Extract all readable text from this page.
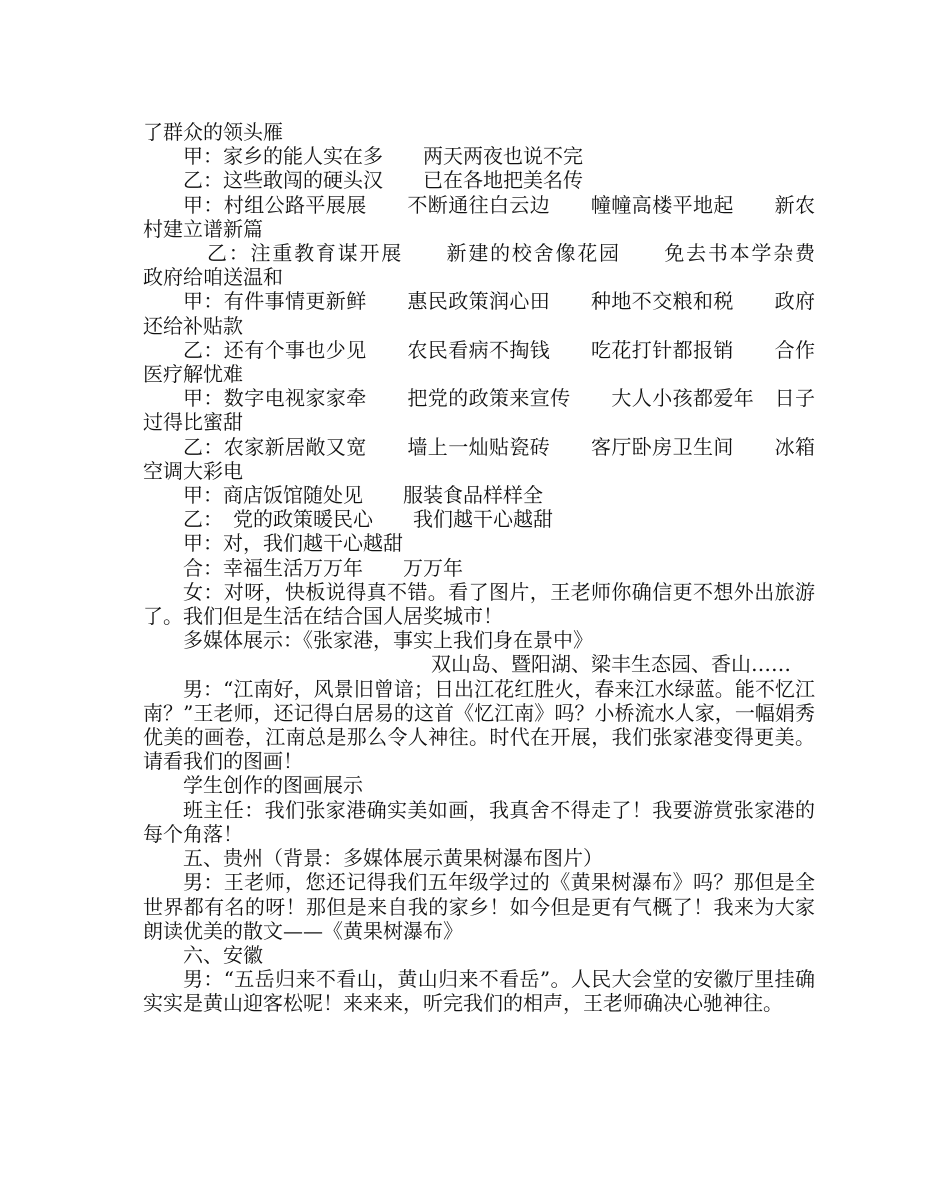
了群众的领头雁

甲：家乡的能人实在多　　两天两夜也说不完

乙：这些敢闯的硬头汉　　已在各地把美名传

甲：村组公路平展展　　不断通往白云边　　幢幢高楼平地起　　新农村建立谱新篇

乙：注重教育谋开展　　新建的校舍像花园　　免去书本学杂费　　政府给咱送温和

甲：有件事情更新鲜　　惠民政策润心田　　种地不交粮和税　　政府还给补贴款

乙：还有个事也少见　　农民看病不掏钱　　吃花打针都报销　　合作医疗解忧难

甲：数字电视家家牵　　把党的政策来宣传　　大人小孩都爱年　日子过得比蜜甜

乙：农家新居敞又宽　　墙上一灿贴瓷砖　　客厅卧房卫生间　　冰箱空调大彩电

甲：商店饭馆随处见　　服装食品样样全

乙：　党的政策暖民心　　我们越干心越甜

甲：对，我们越干心越甜

合：幸福生活万万年　　万万年

女：对呀，快板说得真不错。看了图片，王老师你确信更不想外出旅游了。我们但是生活在结合国人居奖城市！

多媒体展示：《张家港，事实上我们身在景中》

双山岛、暨阳湖、梁丰生态园、香山……

男：“江南好，风景旧曾谙；日出江花红胜火，春来江水绿蓝。能不忆江南？”王老师，还记得白居易的这首《忆江南》吗？小桥流水人家，一幅娟秀优美的画卷，江南总是那么令人神往。时代在开展，我们张家港变得更美。请看我们的图画！

学生创作的图画展示

班主任：我们张家港确实美如画，我真舍不得走了！我要游赏张家港的每个角落！

五、贵州（背景：多媒体展示黄果树瀑布图片）

男：王老师，您还记得我们五年级学过的《黄果树瀑布》吗？那但是全世界都有名的呀！那但是来自我的家乡！如今但是更有气概了！我来为大家朗读优美的散文——《黄果树瀑布》

六、安徽

男：“五岳归来不看山，黄山归来不看岳”。人民大会堂的安徽厅里挂确实实是黄山迎客松呢！来来来，听完我们的相声，王老师确决心驰神往。
